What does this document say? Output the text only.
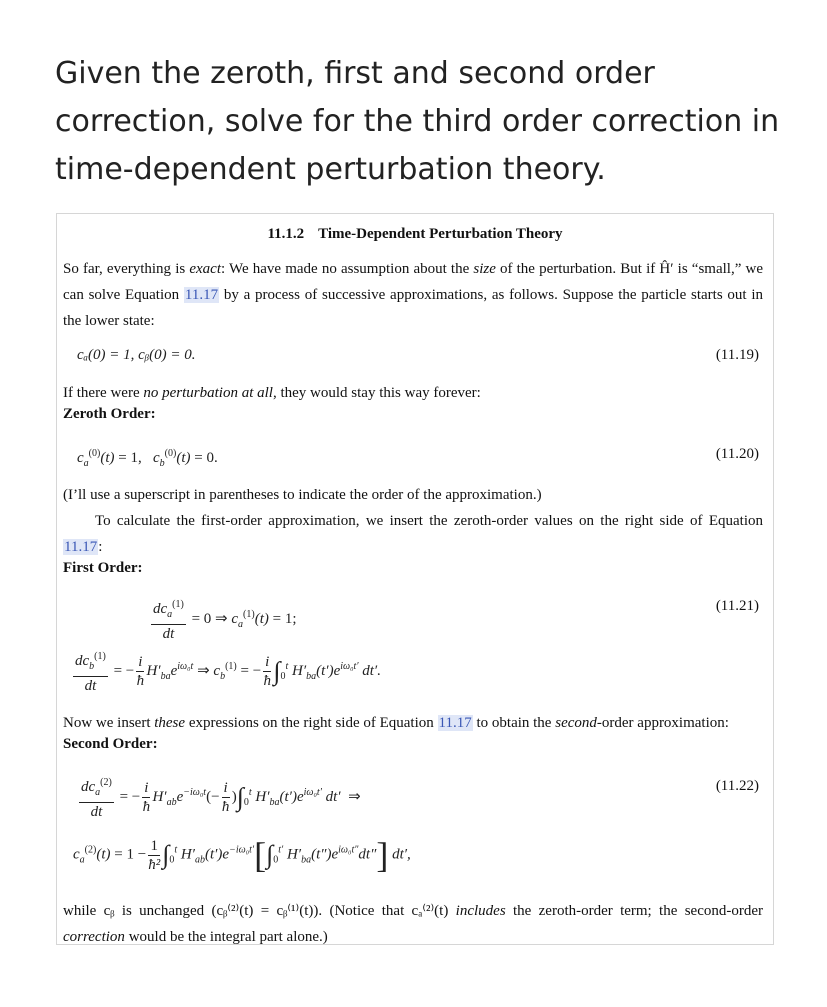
Given the zeroth, first and second order correction, solve for the third order correction in time-dependent perturbation theory.

11.1.2 Time-Dependent Perturbation Theory

So far, everything is exact: We have made no assumption about the size of the perturbation. But if Ĥ′ is “small,” we can solve Equation 11.17 by a process of successive approximations, as follows. Suppose the particle starts out in the lower state:

cₐ(0) = 1, cᵦ(0) = 0.	(11.19)

If there were no perturbation at all, they would stay this way forever:

Zeroth Order:
$c_a^{(0)}(t) = 1$,   $c_b^{(0)}(t) = 0$.	(11.20)

(I’ll use a superscript in parentheses to indicate the order of the approximation.)

To calculate the first-order approximation, we insert the zeroth-order values on the right side of Equation 11.17:

First Order:
$\frac{dc_a^{(1)}}{dt} = 0$ ⇒ $c_a^{(1)}(t) = 1$;
(11.21)
$\frac{dc_b^{(1)}}{dt}$ = − $\frac{i}{ħ} H'_{ba}e^{i\omega_0t}$ ⇒ $c_b^{(1)}$ = − $\frac{i}{ħ} \int_0^t$ $H'_{ba}(t')e^{i\omega_0t'}$ dt′.

Now we insert these expressions on the right side of Equation 11.17 to obtain the second-order approximation:

Second Order:
$\frac{dc_a^{(2)}}{dt}$ = − $\frac{i}{ħ} H'_{ab}e^{-i\omega_0t}(- \frac{i}{ħ} )\int_0^t$ $H'_{ba}(t')e^{i\omega_0t'}$ dt′  ⇒
(11.22)
$c_a^{(2)}(t) = 1 - \frac{1}{\text{ħ²}} \int_0^t$ $H'_{ab}(t')e^{-i\omega_0t'}[\int_0^{t'}$ $H'_{ba}(t'')e^{i\omega_0t''}dt''$] dt′,

while cᵦ is unchanged (cᵦ⁽²⁾(t) = cᵦ⁽¹⁾(t)). (Notice that cₐ⁽²⁾(t) includes the zeroth-order term; the second-order correction would be the integral part alone.)
